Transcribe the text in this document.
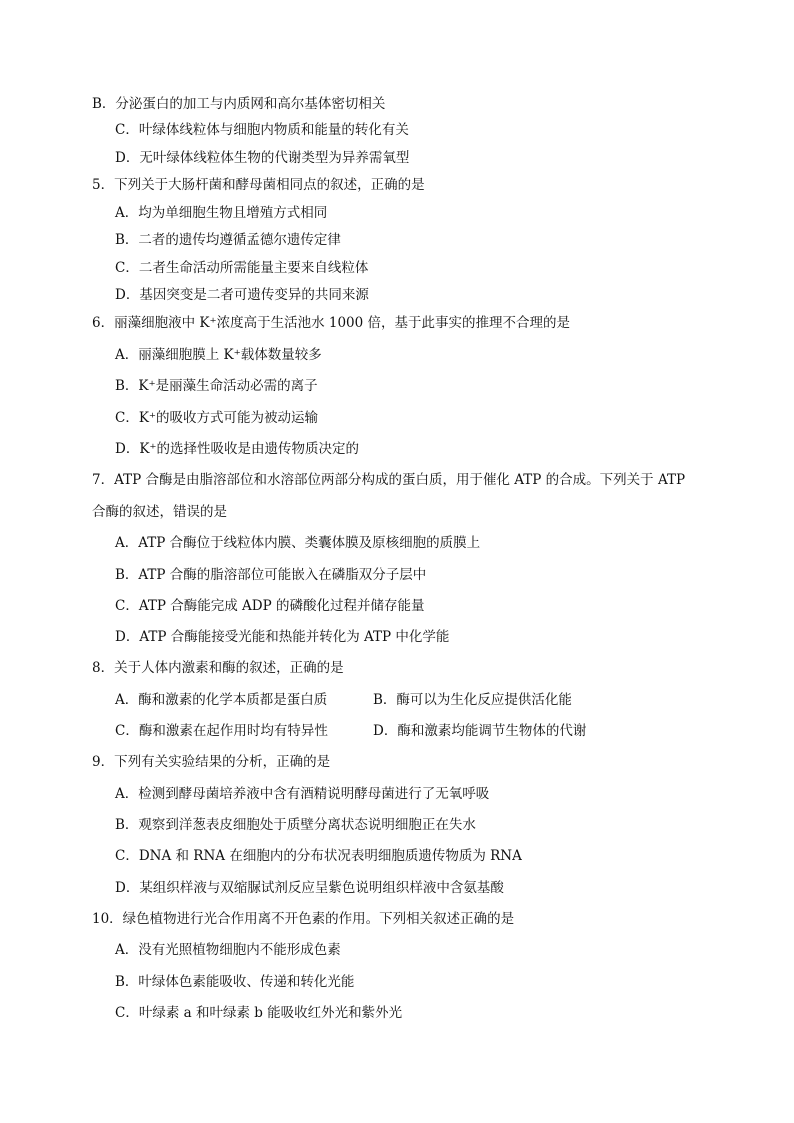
B．分泌蛋白的加工与内质网和高尔基体密切相关
C．叶绿体线粒体与细胞内物质和能量的转化有关
D．无叶绿体线粒体生物的代谢类型为异养需氧型
5．下列关于大肠杆菌和酵母菌相同点的叙述，正确的是
A．均为单细胞生物且增殖方式相同
B．二者的遗传均遵循孟德尔遗传定律
C．二者生命活动所需能量主要来自线粒体
D．基因突变是二者可遗传变异的共同来源
6．丽藻细胞液中 K⁺浓度高于生活池水 1000 倍，基于此事实的推理不合理的是
A．丽藻细胞膜上 K⁺载体数量较多
B．K⁺是丽藻生命活动必需的离子
C．K⁺的吸收方式可能为被动运输
D．K⁺的选择性吸收是由遗传物质决定的
7．ATP 合酶是由脂溶部位和水溶部位两部分构成的蛋白质，用于催化 ATP 的合成。下列关于 ATP
合酶的叙述，错误的是
A．ATP 合酶位于线粒体内膜、类囊体膜及原核细胞的质膜上
B．ATP 合酶的脂溶部位可能嵌入在磷脂双分子层中
C．ATP 合酶能完成 ADP 的磷酸化过程并储存能量
D．ATP 合酶能接受光能和热能并转化为 ATP 中化学能
8．关于人体内激素和酶的叙述，正确的是
A．酶和激素的化学本质都是蛋白质	B．酶可以为生化反应提供活化能
C．酶和激素在起作用时均有特异性	D．酶和激素均能调节生物体的代谢
9．下列有关实验结果的分析，正确的是
A．检测到酵母菌培养液中含有酒精说明酵母菌进行了无氧呼吸
B．观察到洋葱表皮细胞处于质壁分离状态说明细胞正在失水
C．DNA 和 RNA 在细胞内的分布状况表明细胞质遗传物质为 RNA
D．某组织样液与双缩脲试剂反应呈紫色说明组织样液中含氨基酸
10．绿色植物进行光合作用离不开色素的作用。下列相关叙述正确的是
A．没有光照植物细胞内不能形成色素
B．叶绿体色素能吸收、传递和转化光能
C．叶绿素 a 和叶绿素 b 能吸收红外光和紫外光
